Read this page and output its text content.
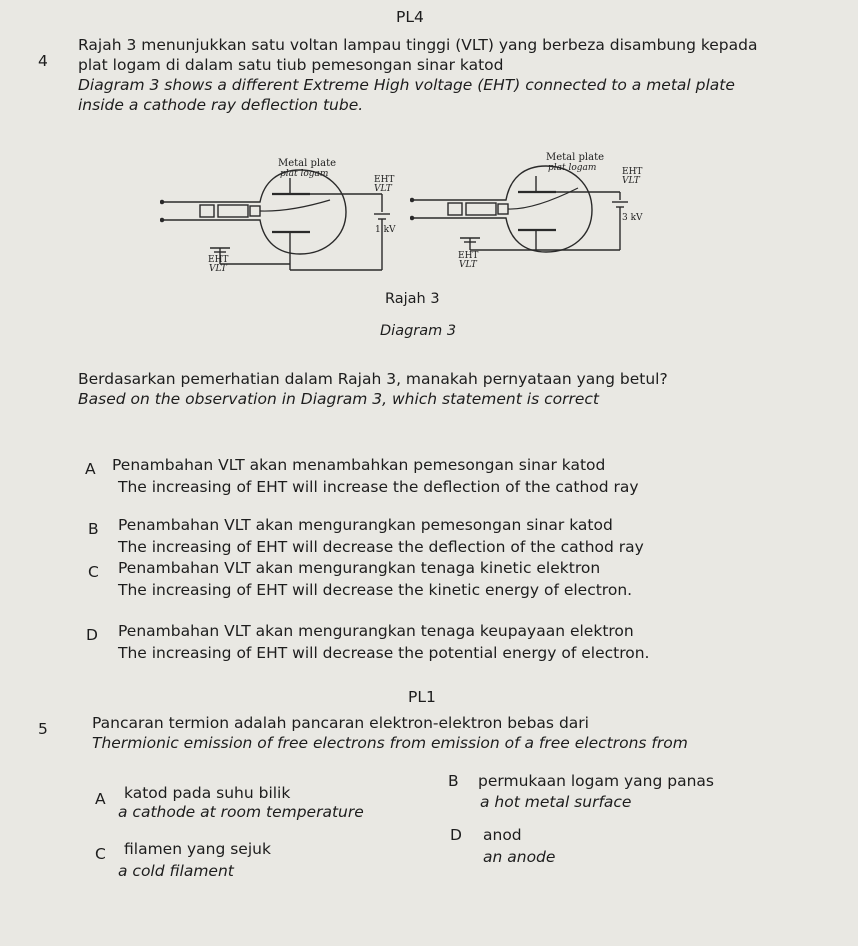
PL4
4
Rajah 3 menunjukkan satu voltan lampau tinggi (VLT) yang berbeza disambung kepada
plat logam di dalam satu tiub pemesongan sinar katod
Diagram 3 shows a different Extreme High voltage (EHT) connected to a metal plate
inside a cathode ray deflection tube.
Metal plate
plat logam
EHT
VLT
1 kV
EHT
VLT
Metal plate
plat logam	EHT
VLT
3 kV
EHT
VLT
Rajah 3
Diagram 3
Berdasarkan pemerhatian dalam Rajah 3, manakah pernyataan yang betul?
Based on the observation in Diagram 3, which statement is correct
A Penambahan VLT akan menambahkan pemesongan sinar katod
The increasing of EHT will increase the deflection of the cathod ray
B Penambahan VLT akan mengurangkan pemesongan sinar katod
The increasing of EHT will decrease the deflection of the cathod ray
C Penambahan VLT akan mengurangkan tenaga kinetic elektron
The increasing of EHT will decrease the kinetic energy of electron.
D Penambahan VLT akan mengurangkan tenaga keupayaan elektron
The increasing of EHT will decrease the potential energy of electron.
PL1
5	Pancaran termion adalah pancaran elektron-elektron bebas dari
Thermionic emission of free electrons from emission of a free electrons from
A katod pada suhu bilik
a cathode at room temperature
B permukaan logam yang panas
a hot metal surface
C filamen yang sejuk
a cold filament
D anod
an anode
